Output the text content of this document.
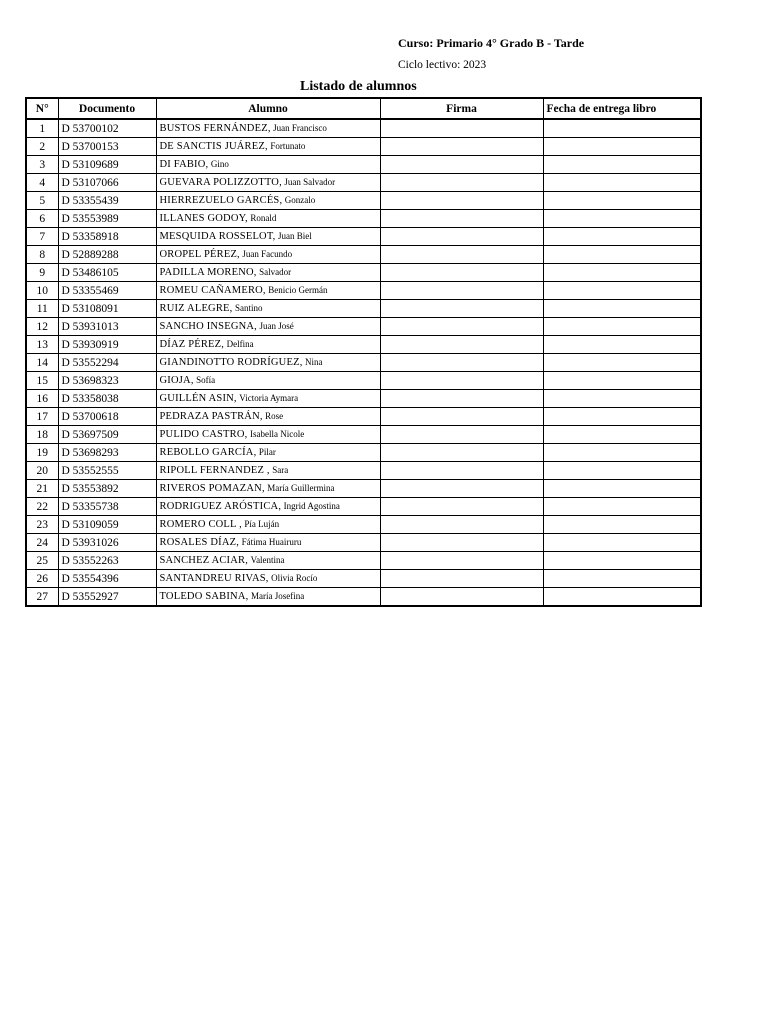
Curso: Primario 4° Grado B - Tarde
Ciclo lectivo: 2023
Listado de alumnos
N°	Documento	Alumno	Firma	Fecha de entrega libro
1	D 53700102	BUSTOS FERNÁNDEZ, Juan Francisco		
2	D 53700153	DE SANCTIS JUÁREZ, Fortunato		
3	D 53109689	DI FABIO, Gino		
4	D 53107066	GUEVARA POLIZZOTTO, Juan Salvador		
5	D 53355439	HIERREZUELO GARCÉS, Gonzalo		
6	D 53553989	ILLANES GODOY, Ronald		
7	D 53358918	MESQUIDA ROSSELOT, Juan Biel		
8	D 52889288	OROPEL PÉREZ, Juan Facundo		
9	D 53486105	PADILLA MORENO, Salvador		
10	D 53355469	ROMEU CAÑAMERO, Benicio Germán		
11	D 53108091	RUIZ ALEGRE, Santino		
12	D 53931013	SANCHO INSEGNA, Juan José		
13	D 53930919	DÍAZ PÉREZ, Delfina		
14	D 53552294	GIANDINOTTO RODRÍGUEZ, Nina		
15	D 53698323	GIOJA, Sofía		
16	D 53358038	GUILLÉN ASIN, Victoria Aymara		
17	D 53700618	PEDRAZA PASTRÁN, Rose		
18	D 53697509	PULIDO CASTRO, Isabella Nicole		
19	D 53698293	REBOLLO GARCÍA, Pilar		
20	D 53552555	RIPOLL FERNANDEZ , Sara		
21	D 53553892	RIVEROS POMAZAN, María Guillermina		
22	D 53355738	RODRIGUEZ ARÓSTICA, Ingrid Agostina		
23	D 53109059	ROMERO COLL , Pía Luján		
24	D 53931026	ROSALES DÍAZ, Fátima Huairuru		
25	D 53552263	SANCHEZ ACIAR, Valentina		
26	D 53554396	SANTANDREU RIVAS, Olivia Rocío		
27	D 53552927	TOLEDO SABINA, María Josefina		
